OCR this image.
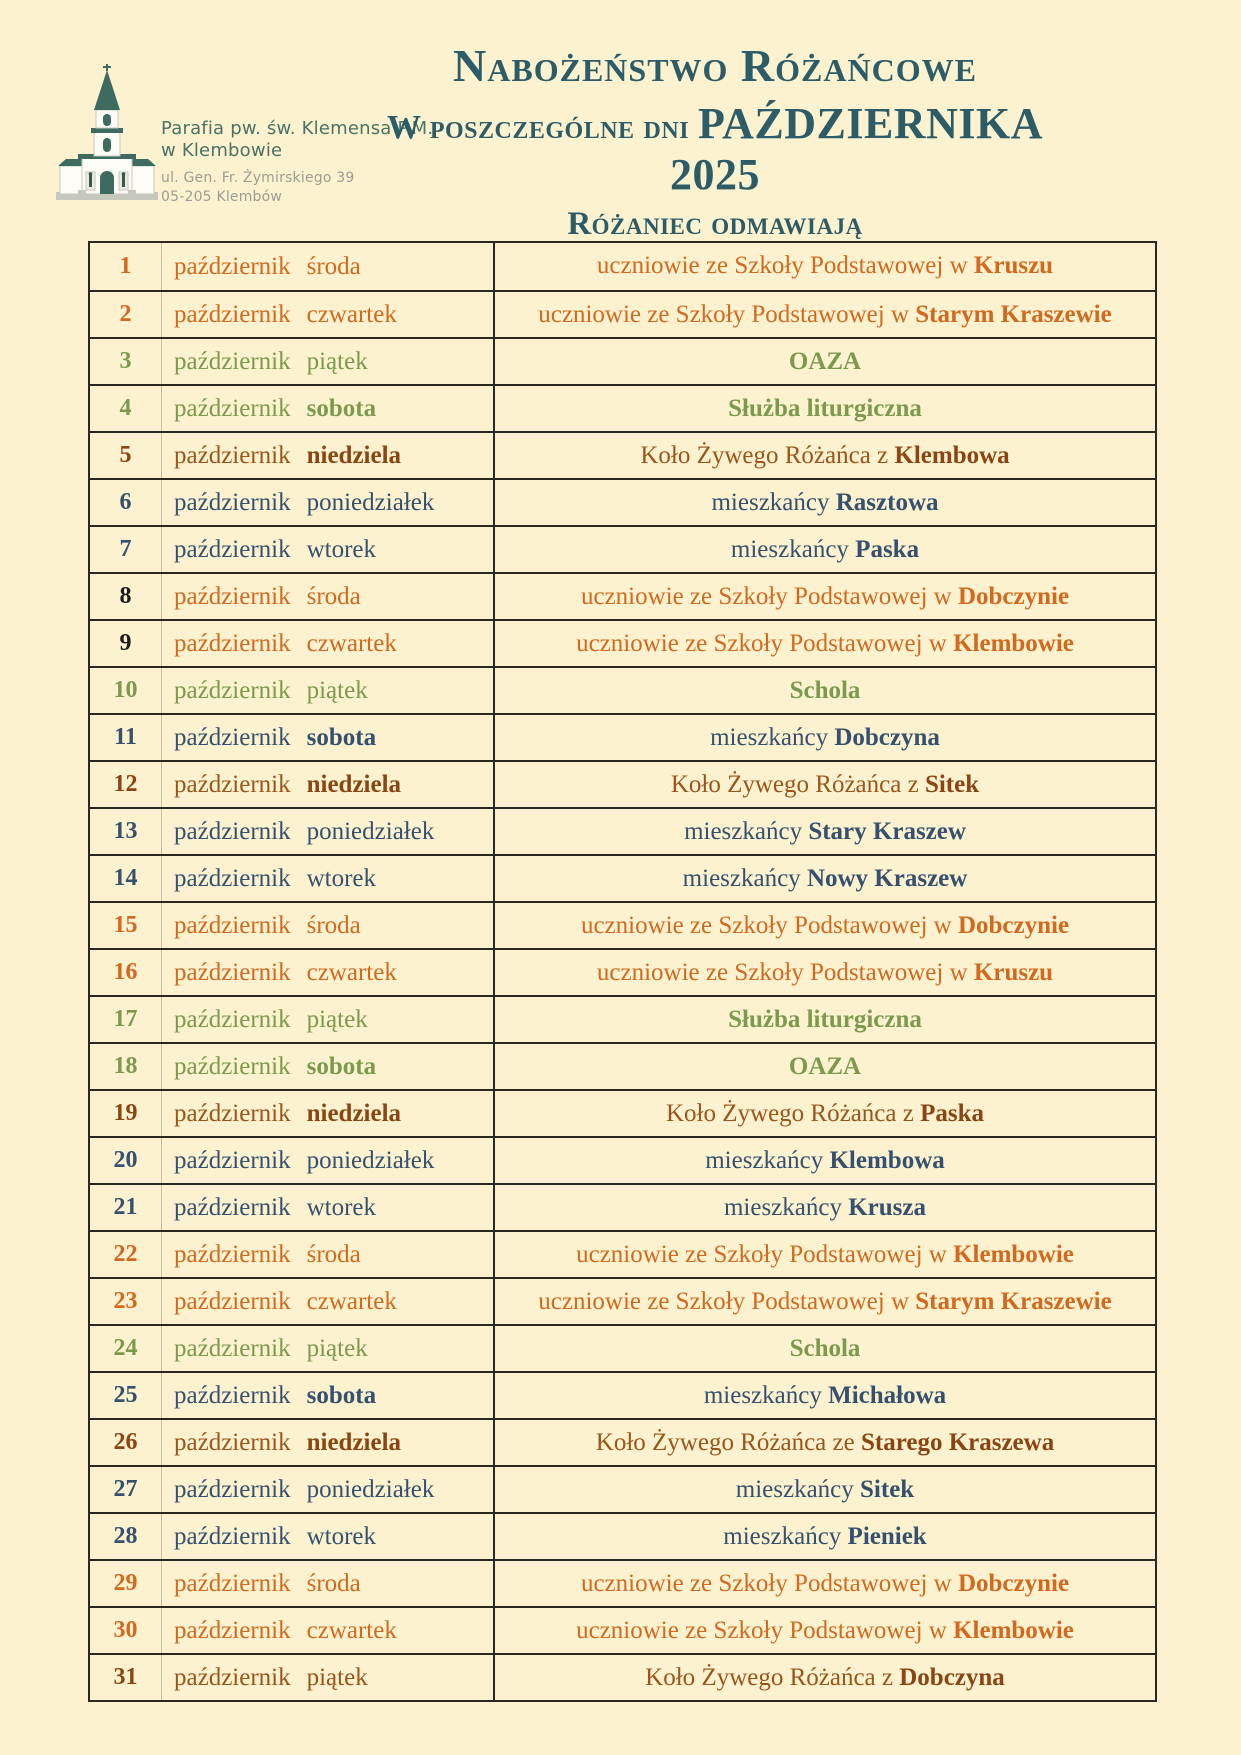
Parafia pw. św. Klemensa P.M.
w Klembowie
ul. Gen. Fr. Żymirskiego 39
05-205 Klembów
Nabożeństwo Różańcowe
W poszczególne dni PAŹDZIERNIKA 2025
Różaniec odmawiają
1	październik środa	uczniowie ze Szkoły Podstawowej w Kruszu
2	październik czwartek	uczniowie ze Szkoły Podstawowej w Starym Kraszewie
3	październik piątek	OAZA
4	październik sobota	Służba liturgiczna
5	październik niedziela	Koło Żywego Różańca z Klembowa
6	październik poniedziałek	mieszkańcy Rasztowa
7	październik wtorek	mieszkańcy Paska
8	październik środa	uczniowie ze Szkoły Podstawowej w Dobczynie
9	październik czwartek	uczniowie ze Szkoły Podstawowej w Klembowie
10	październik piątek	Schola
11	październik sobota	mieszkańcy Dobczyna
12	październik niedziela	Koło Żywego Różańca z Sitek
13	październik poniedziałek	mieszkańcy Stary Kraszew
14	październik wtorek	mieszkańcy Nowy Kraszew
15	październik środa	uczniowie ze Szkoły Podstawowej w Dobczynie
16	październik czwartek	uczniowie ze Szkoły Podstawowej w Kruszu
17	październik piątek	Służba liturgiczna
18	październik sobota	OAZA
19	październik niedziela	Koło Żywego Różańca z Paska
20	październik poniedziałek	mieszkańcy Klembowa
21	październik wtorek	mieszkańcy Krusza
22	październik środa	uczniowie ze Szkoły Podstawowej w Klembowie
23	październik czwartek	uczniowie ze Szkoły Podstawowej w Starym Kraszewie
24	październik piątek	Schola
25	październik sobota	mieszkańcy Michałowa
26	październik niedziela	Koło Żywego Różańca ze Starego Kraszewa
27	październik poniedziałek	mieszkańcy Sitek
28	październik wtorek	mieszkańcy Pieniek
29	październik środa	uczniowie ze Szkoły Podstawowej w Dobczynie
30	październik czwartek	uczniowie ze Szkoły Podstawowej w Klembowie
31	październik piątek	Koło Żywego Różańca z Dobczyna
